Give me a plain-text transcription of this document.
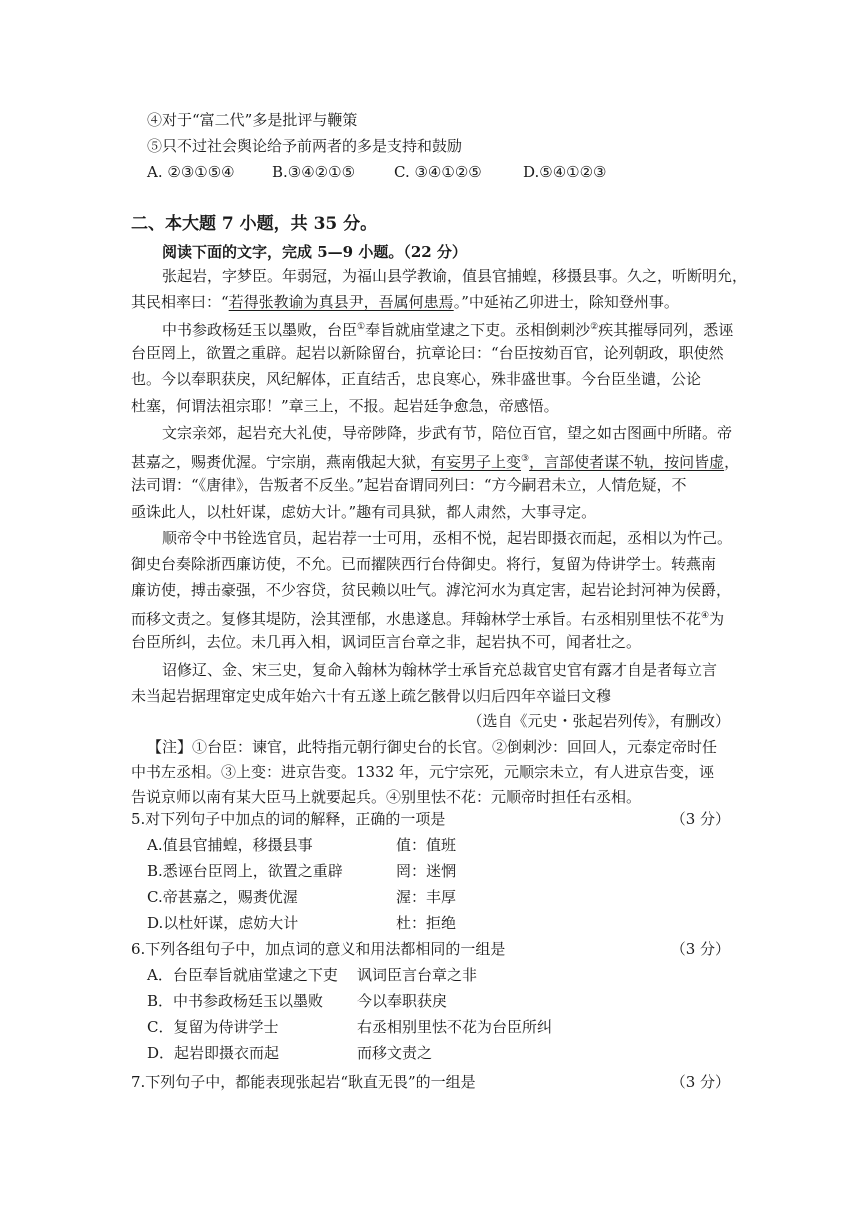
④对于“富二代”多是批评与鞭策
⑤只不过社会舆论给予前两者的多是支持和鼓励
A. ②③①⑤④ B.③④②①⑤	C. ③④①②⑤	D.⑤④①②③
二、本大题 7 小题，共 35 分。
阅读下面的文字，完成 5—9 小题。（22 分）
张起岩，字梦臣。年弱冠，为福山县学教谕，值县官捕蝗，移摄县事。久之，听断明允，
其民相率曰：“若得张教谕为真县尹，吾属何患焉。”中延祐乙卯进士，除知登州事。
中书参政杨廷玉以墨败，台臣①奉旨就庙堂逮之下吏。丞相倒刺沙②疾其摧辱同列，悉诬
台臣罔上，欲置之重辟。起岩以新除留台，抗章论曰：“台臣按劾百官，论列朝政，职使然
也。今以奉职获戾，风纪解体，正直结舌，忠良寒心，殊非盛世事。今台臣坐谴，公论
杜塞，何谓法祖宗耶！”章三上，不报。起岩廷争愈急，帝感悟。
文宗亲郊，起岩充大礼使，导帝陟降，步武有节，陪位百官，望之如古图画中所睹。帝
甚嘉之，赐赉优渥。宁宗崩，燕南俄起大狱，有妄男子上变③，言部使者谋不轨，按问皆虚，
法司谓：“《唐律》，告叛者不反坐。”起岩奋谓同列曰：“方今嗣君未立，人情危疑，不
亟诛此人，以杜奸谋，虑妨大计。”趣有司具狱，都人肃然，大事寻定。
顺帝令中书铨选官员，起岩荐一士可用，丞相不悦，起岩即摄衣而起，丞相以为忤己。
御史台奏除浙西廉访使，不允。已而擢陕西行台侍御史。将行，复留为侍讲学士。转燕南
廉访使，搏击豪强，不少容贷，贫民赖以吐气。滹沱河水为真定害，起岩论封河神为侯爵，
而移文责之。复修其堤防，浍其湮郁，水患遂息。拜翰林学士承旨。右丞相别里怯不花④为
台臣所纠，去位。未几再入相，讽词臣言台章之非，起岩执不可，闻者壮之。
诏修辽、金、宋三史，复命入翰林为翰林学士承旨充总裁官史官有露才自是者每立言
未当起岩据理窜定史成年始六十有五遂上疏乞骸骨以归后四年卒谥曰文穆
（选自《元史・张起岩列传》，有删改）
【注】①台臣：谏官，此特指元朝行御史台的长官。②倒刺沙：回回人，元泰定帝时任
中书左丞相。③上变：进京告变。1332 年，元宁宗死，元顺宗未立，有人进京告变，诬
告说京师以南有某大臣马上就要起兵。④别里怯不花：元顺帝时担任右丞相。
5.对下列句子中加点的词的解释，正确的一项是	（3 分）
A.值县官捕蝗，移摄县事	值：值班
B.悉诬台臣罔上，欲置之重辟	罔：迷惘
C.帝甚嘉之，赐赉优渥	渥：丰厚
D.以杜奸谋，虑妨大计	杜：拒绝
6.下列各组句子中，加点词的意义和用法都相同的一组是	（3 分）
A．台臣奉旨就庙堂逮之下吏 讽词臣言台章之非
B．中书参政杨廷玉以墨败 今以奉职获戾
C．复留为侍讲学士	右丞相别里怯不花为台臣所纠
D．起岩即摄衣而起	而移文责之
7.下列句子中，都能表现张起岩“耿直无畏”的一组是	（3 分）
